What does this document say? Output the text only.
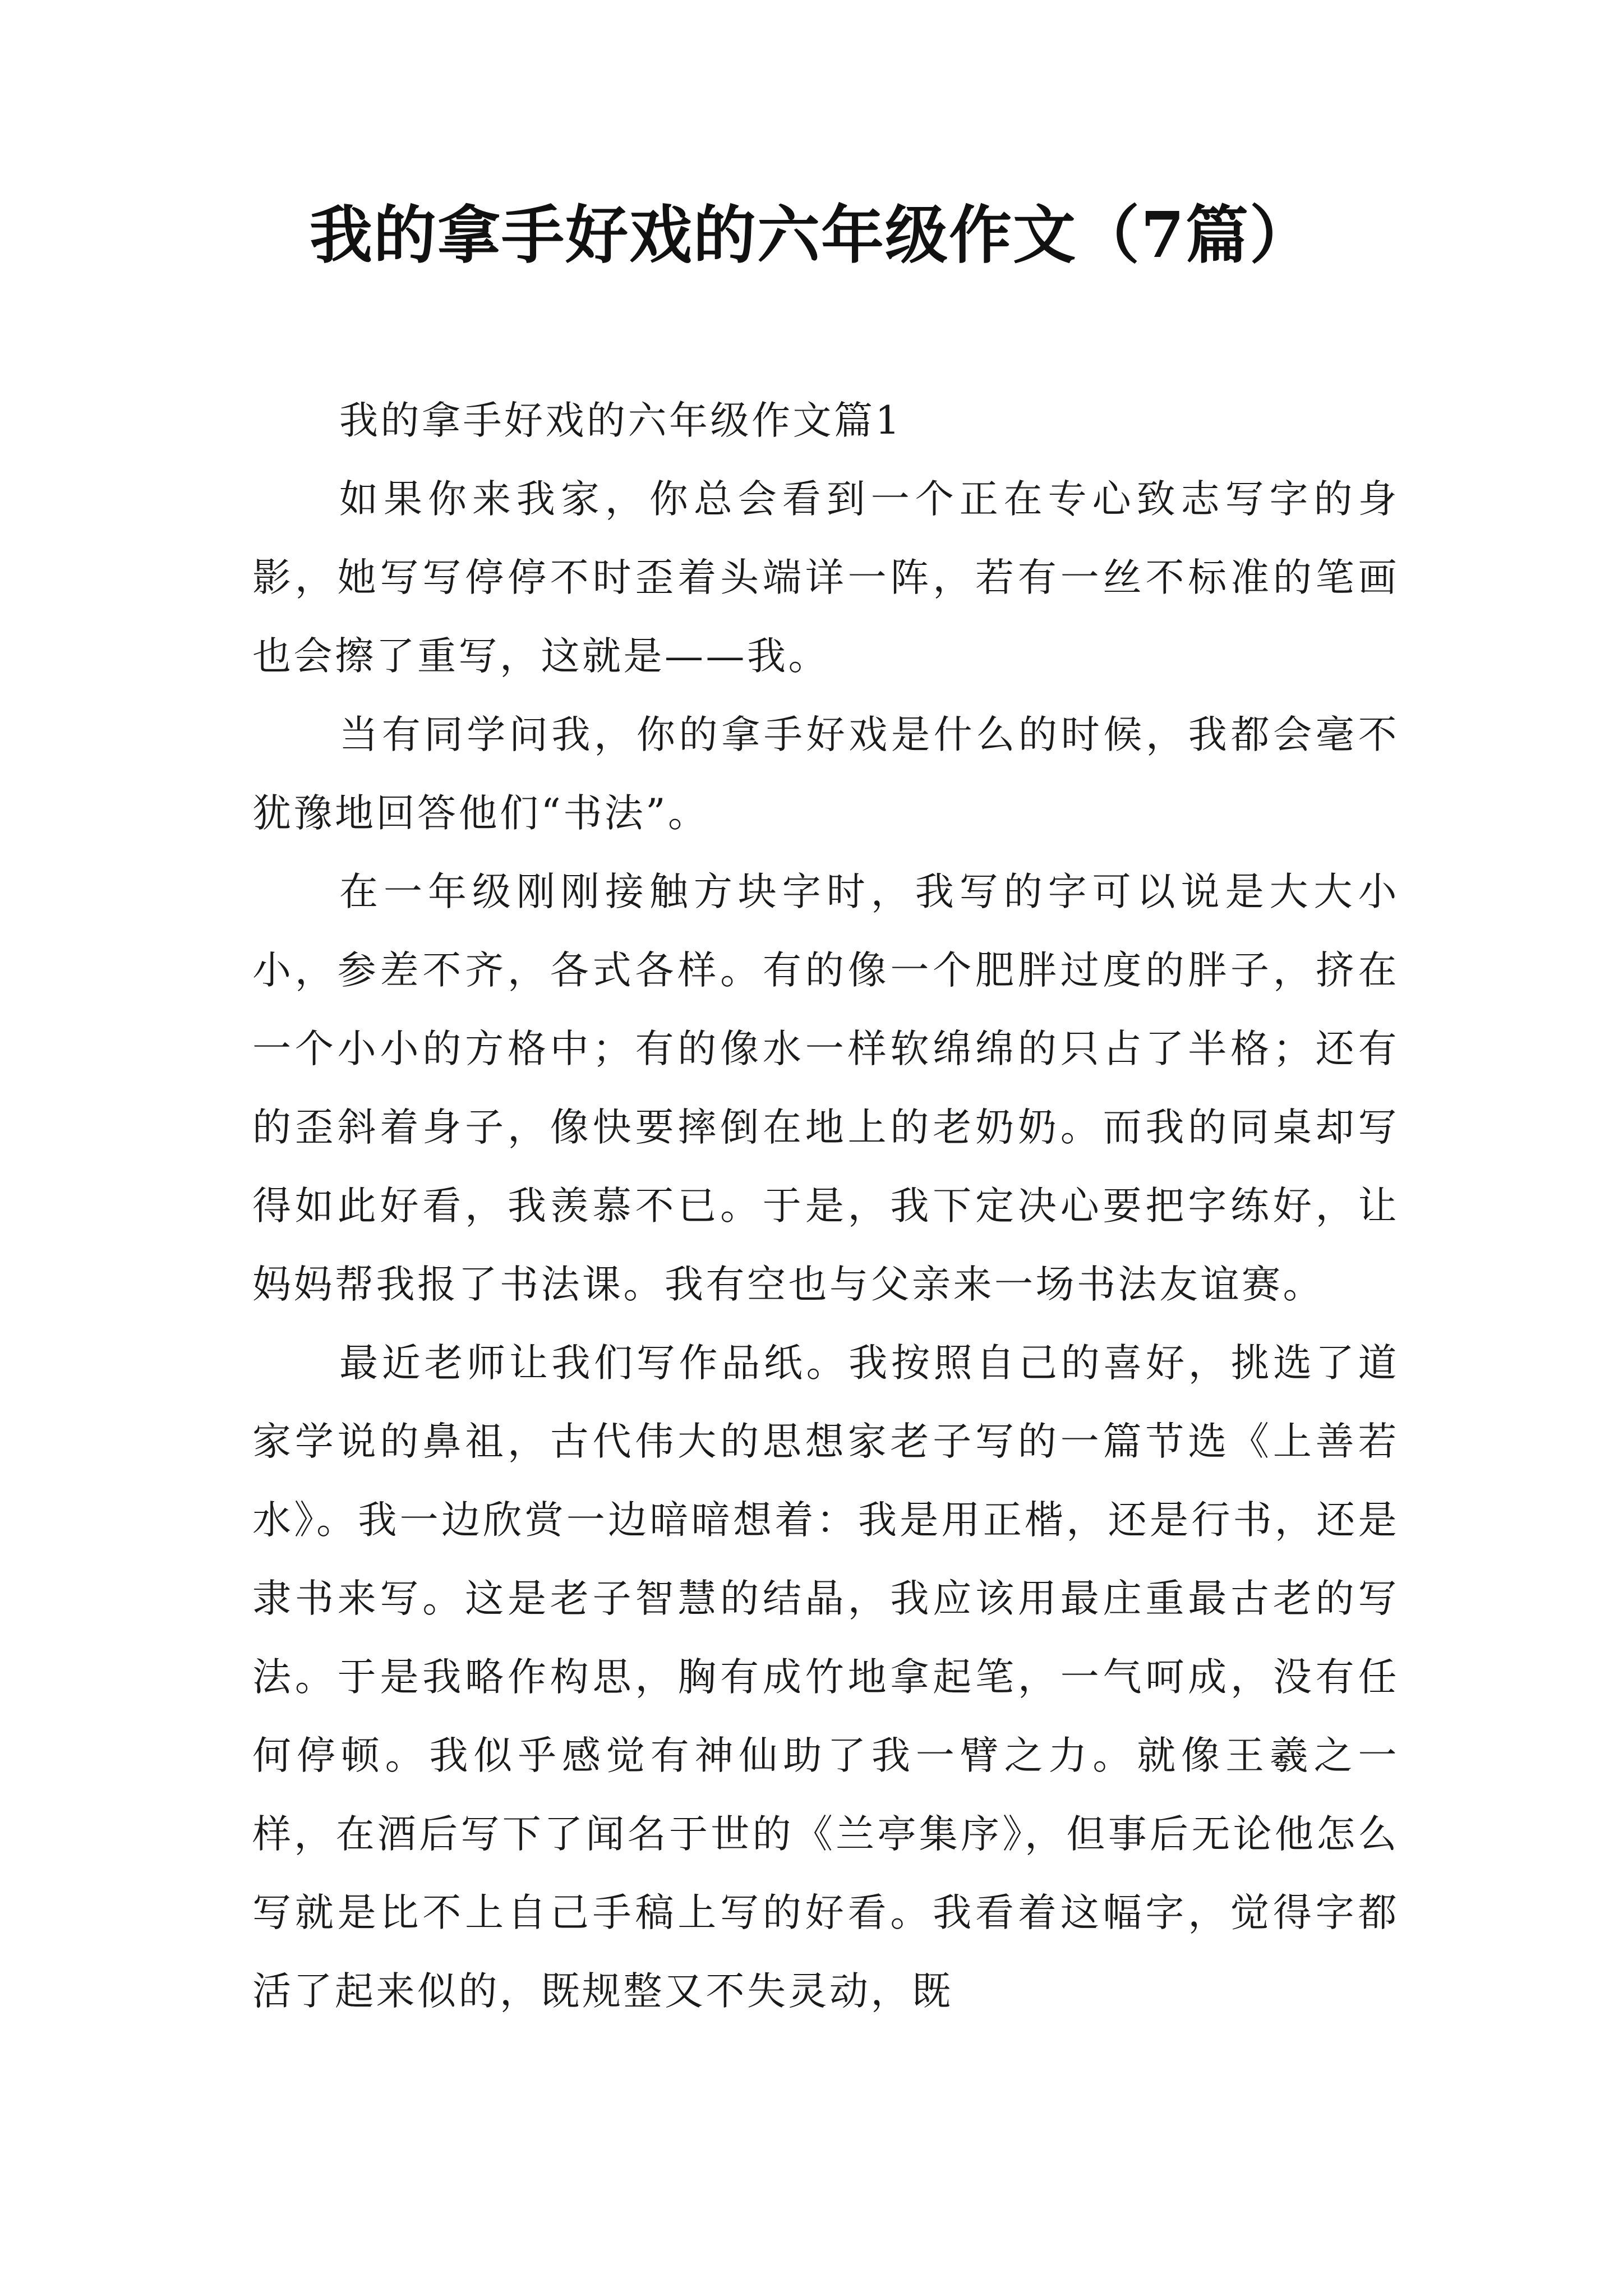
我的拿手好戏的六年级作文（7篇）

我的拿手好戏的六年级作文篇1

如果你来我家，你总会看到一个正在专心致志写字的身影，她写写停停不时歪着头端详一阵，若有一丝不标准的笔画也会擦了重写，这就是——我。

当有同学问我，你的拿手好戏是什么的时候，我都会毫不犹豫地回答他们“书法”。

在一年级刚刚接触方块字时，我写的字可以说是大大小小，参差不齐，各式各样。有的像一个肥胖过度的胖子，挤在一个小小的方格中；有的像水一样软绵绵的只占了半格；还有的歪斜着身子，像快要摔倒在地上的老奶奶。而我的同桌却写得如此好看，我羡慕不已。于是，我下定决心要把字练好，让妈妈帮我报了书法课。我有空也与父亲来一场书法友谊赛。

最近老师让我们写作品纸。我按照自己的喜好，挑选了道家学说的鼻祖，古代伟大的思想家老子写的一篇节选《上善若水》。我一边欣赏一边暗暗想着：我是用正楷，还是行书，还是隶书来写。这是老子智慧的结晶，我应该用最庄重最古老的写法。于是我略作构思，胸有成竹地拿起笔，一气呵成，没有任何停顿。我似乎感觉有神仙助了我一臂之力。就像王羲之一样，在酒后写下了闻名于世的《兰亭集序》，但事后无论他怎么写就是比不上自己手稿上写的好看。我看着这幅字，觉得字都活了起来似的，既规整又不失灵动，既
